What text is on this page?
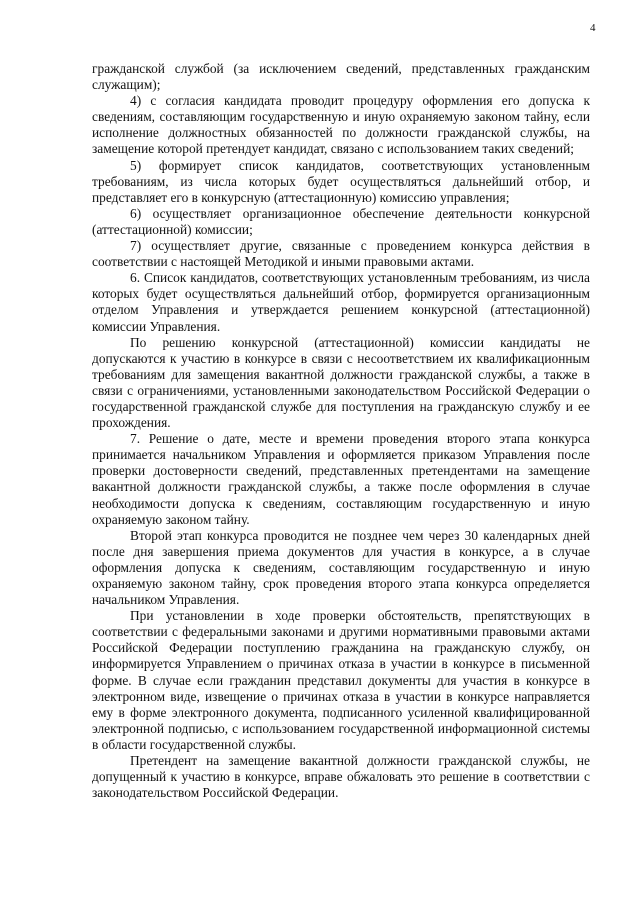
4

гражданской службой (за исключением сведений, представленных гражданским служащим);

4) с согласия кандидата проводит процедуру оформления его допуска к сведениям, составляющим государственную и иную охраняемую законом тайну, если исполнение должностных обязанностей по должности гражданской службы, на замещение которой претендует кандидат, связано с использованием таких сведений;

5) формирует список кандидатов, соответствующих установленным требованиям, из числа которых будет осуществляться дальнейший отбор, и представляет его в конкурсную (аттестационную) комиссию управления;

6) осуществляет организационное обеспечение деятельности конкурсной (аттестационной) комиссии;

7) осуществляет другие, связанные с проведением конкурса действия в соответствии с настоящей Методикой и иными правовыми актами.

6. Список кандидатов, соответствующих установленным требованиям, из числа которых будет осуществляться дальнейший отбор, формируется организационным отделом Управления и утверждается решением конкурсной (аттестационной) комиссии Управления.

По решению конкурсной (аттестационной) комиссии кандидаты не допускаются к участию в конкурсе в связи с несоответствием их квалификационным требованиям для замещения вакантной должности гражданской службы, а также в связи с ограничениями, установленными законодательством Российской Федерации о государственной гражданской службе для поступления на гражданскую службу и ее прохождения.

7. Решение о дате, месте и времени проведения второго этапа конкурса принимается начальником Управления и оформляется приказом Управления после проверки достоверности сведений, представленных претендентами на замещение вакантной должности гражданской службы, а также после оформления в случае необходимости допуска к сведениям, составляющим государственную и иную охраняемую законом тайну.

Второй этап конкурса проводится не позднее чем через 30 календарных дней после дня завершения приема документов для участия в конкурсе, а в случае оформления допуска к сведениям, составляющим государственную и иную охраняемую законом тайну, срок проведения второго этапа конкурса определяется начальником Управления.

При установлении в ходе проверки обстоятельств, препятствующих в соответствии с федеральными законами и другими нормативными правовыми актами Российской Федерации поступлению гражданина на гражданскую службу, он информируется Управлением о причинах отказа в участии в конкурсе в письменной форме. В случае если гражданин представил документы для участия в конкурсе в электронном виде, извещение о причинах отказа в участии в конкурсе направляется ему в форме электронного документа, подписанного усиленной квалифицированной электронной подписью, с использованием государственной информационной системы в области государственной службы.

Претендент на замещение вакантной должности гражданской службы, не допущенный к участию в конкурсе, вправе обжаловать это решение в соответствии с законодательством Российской Федерации.
